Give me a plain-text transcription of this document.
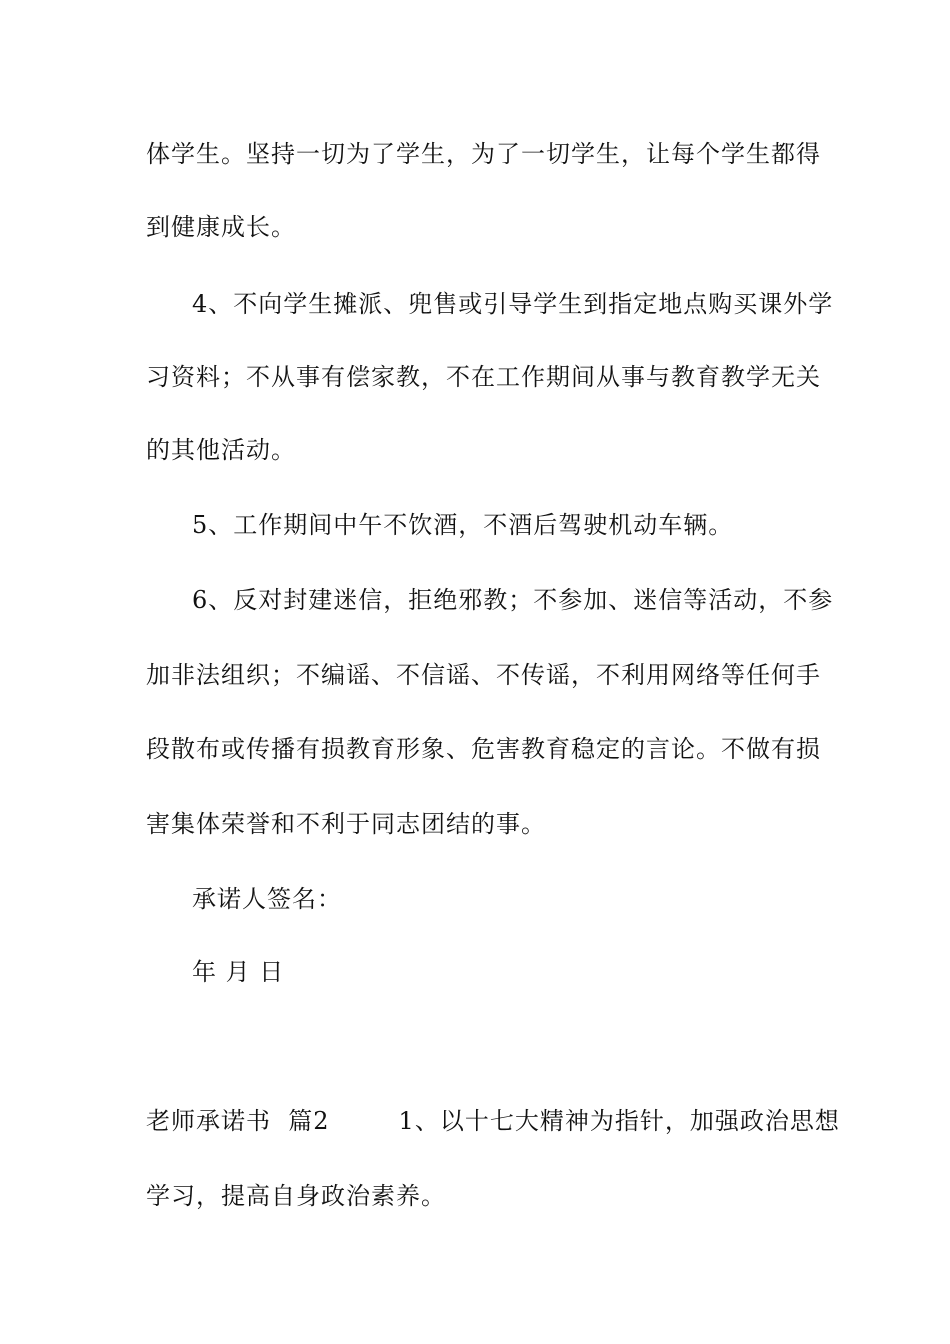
体学生。坚持一切为了学生，为了一切学生，让每个学生都得
到健康成长。
4、不向学生摊派、兜售或引导学生到指定地点购买课外学
习资料；不从事有偿家教，不在工作期间从事与教育教学无关
的其他活动。
5、工作期间中午不饮酒，不酒后驾驶机动车辆。
6、反对封建迷信，拒绝邪教；不参加、迷信等活动，不参
加非法组织；不编谣、不信谣、不传谣，不利用网络等任何手
段散布或传播有损教育形象、危害教育稳定的言论。不做有损
害集体荣誉和不利于同志团结的事。
承诺人签名：
年 月 日
老师承诺书  篇2        1、以十七大精神为指针，加强政治思想
学习，提高自身政治素养。
